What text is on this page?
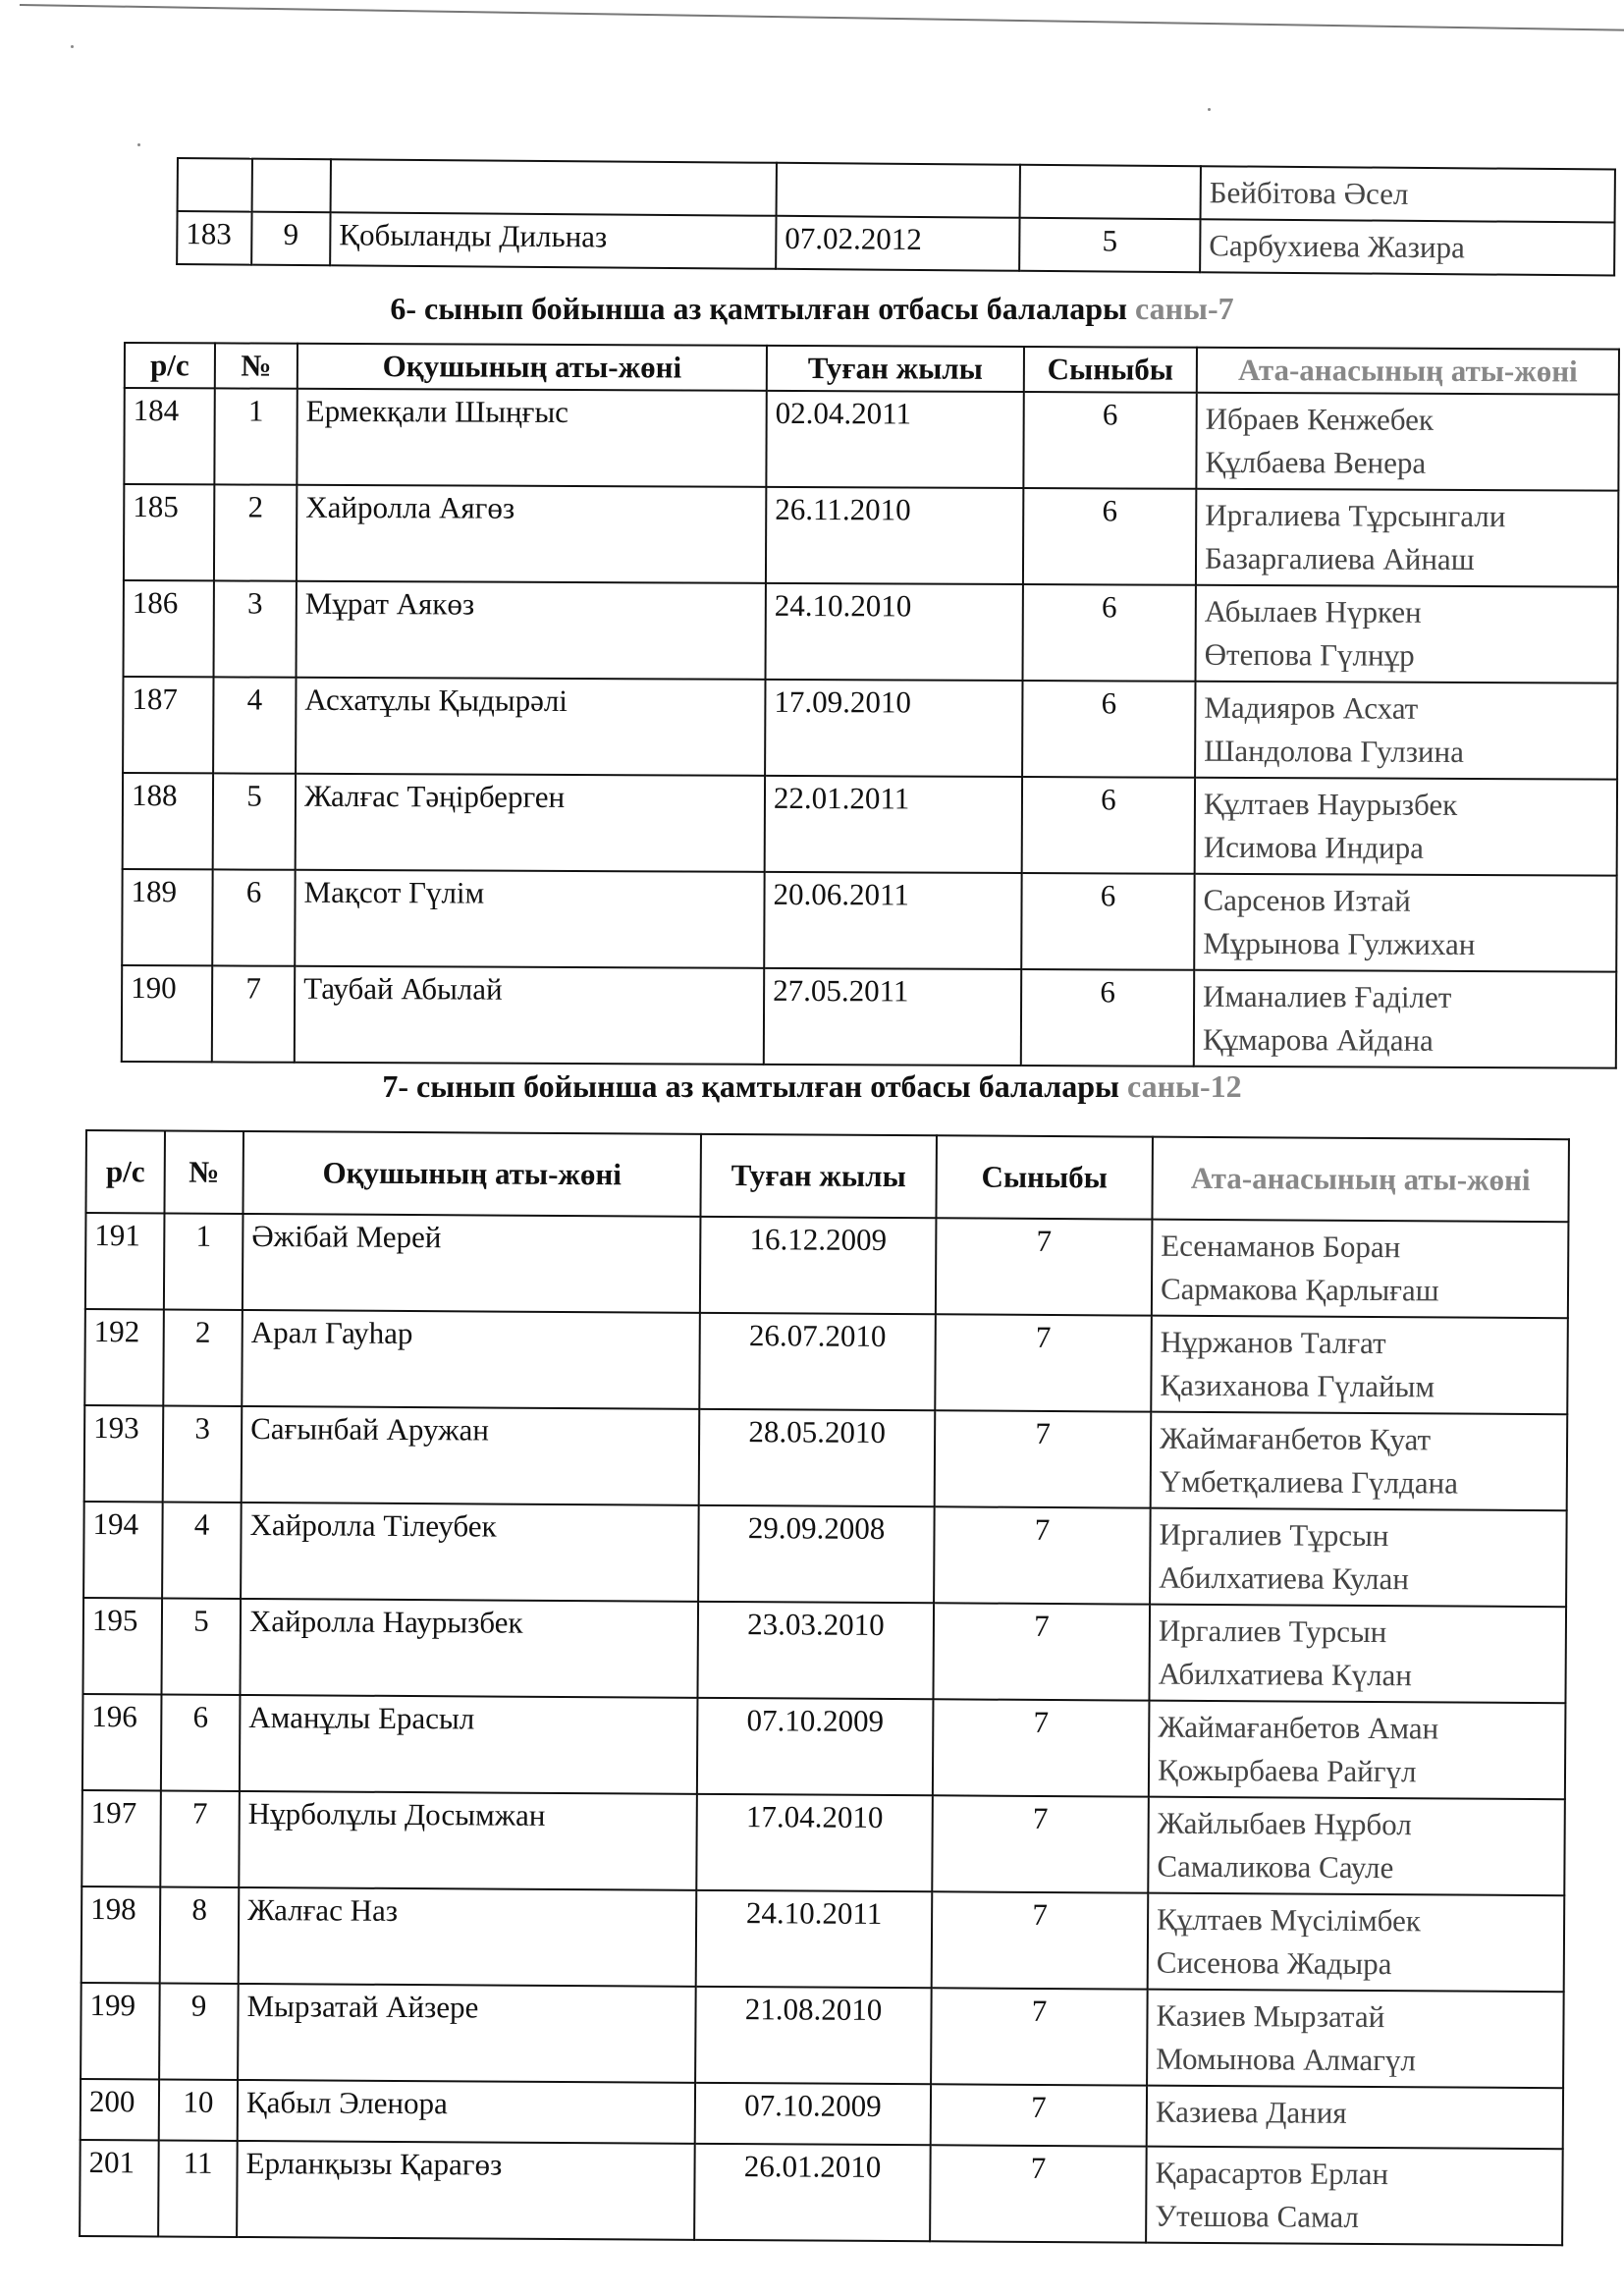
					Бейбітова Әсел

183	9	Қобыланды Дильназ	07.02.2012	5	Сарбухиева Жазира
6- сынып бойынша аз қамтылған отбасы балалары саны-7
р/с	№	Оқушының аты-жөні	Туған жылы	Сыныбы	Ата-анасының аты-жөні
184	1	Ермекқали Шыңғыс	02.04.2011	6	Ибраев Кенжебек
Құлбаева Венера

185	2	Хайролла Аягөз	26.11.2010	6	Иргалиева Тұрсынгали
Базаргалиева Айнаш

186	3	Мұрат Аякөз	24.10.2010	6	Абылаев Нүркен
Өтепова Гүлнұр

187	4	Асхатұлы Қыдырәлі	17.09.2010	6	Мадияров Асхат
Шандолова Гулзина

188	5	Жалғас Тәңірберген	22.01.2011	6	Құлтаев Наурызбек
Исимова Индира

189	6	Мақсот Гүлім	20.06.2011	6	Сарсенов Изтай
Мұрынова Гулжихан

190	7	Таубай Абылай	27.05.2011	6	Иманалиев Ғаділет
Құмарова Айдана
7- сынып бойынша аз қамтылған отбасы балалары саны-12
р/с	№	Оқушының аты-жөні	Туған жылы	Сыныбы	Ата-анасының аты-жөні
191	1	Әжібай Мерей	16.12.2009	7	Есенаманов Боран
Сармакова Қарлығаш

192	2	Арал Гауһар	26.07.2010	7	Нұржанов Талғат
Қазиханова Гүлайым

193	3	Сағынбай Аружан	28.05.2010	7	Жаймағанбетов Қуат
Үмбетқалиева Гүлдана

194	4	Хайролла Тілеубек	29.09.2008	7	Иргалиев Тұрсын
Абилхатиева Кулан

195	5	Хайролла Наурызбек	23.03.2010	7	Иргалиев Турсын
Абилхатиева Күлан

196	6	Аманұлы Ерасыл	07.10.2009	7	Жаймағанбетов Аман
Қожырбаева Райгүл

197	7	Нұрболұлы Досымжан	17.04.2010	7	Жайлыбаев Нұрбол
Самаликова Сауле

198	8	Жалғас Наз	24.10.2011	7	Құлтаев Мүсілімбек
Сисенова Жадыра

199	9	Мырзатай Айзере	21.08.2010	7	Казиев Мырзатай
Момынова Алмагүл

200	10	Қабыл Эленора	07.10.2009	7	Казиева Дания

201	11	Ерланқызы Қарагөз	26.01.2010	7	Қарасартов Ерлан
Утешова Самал
